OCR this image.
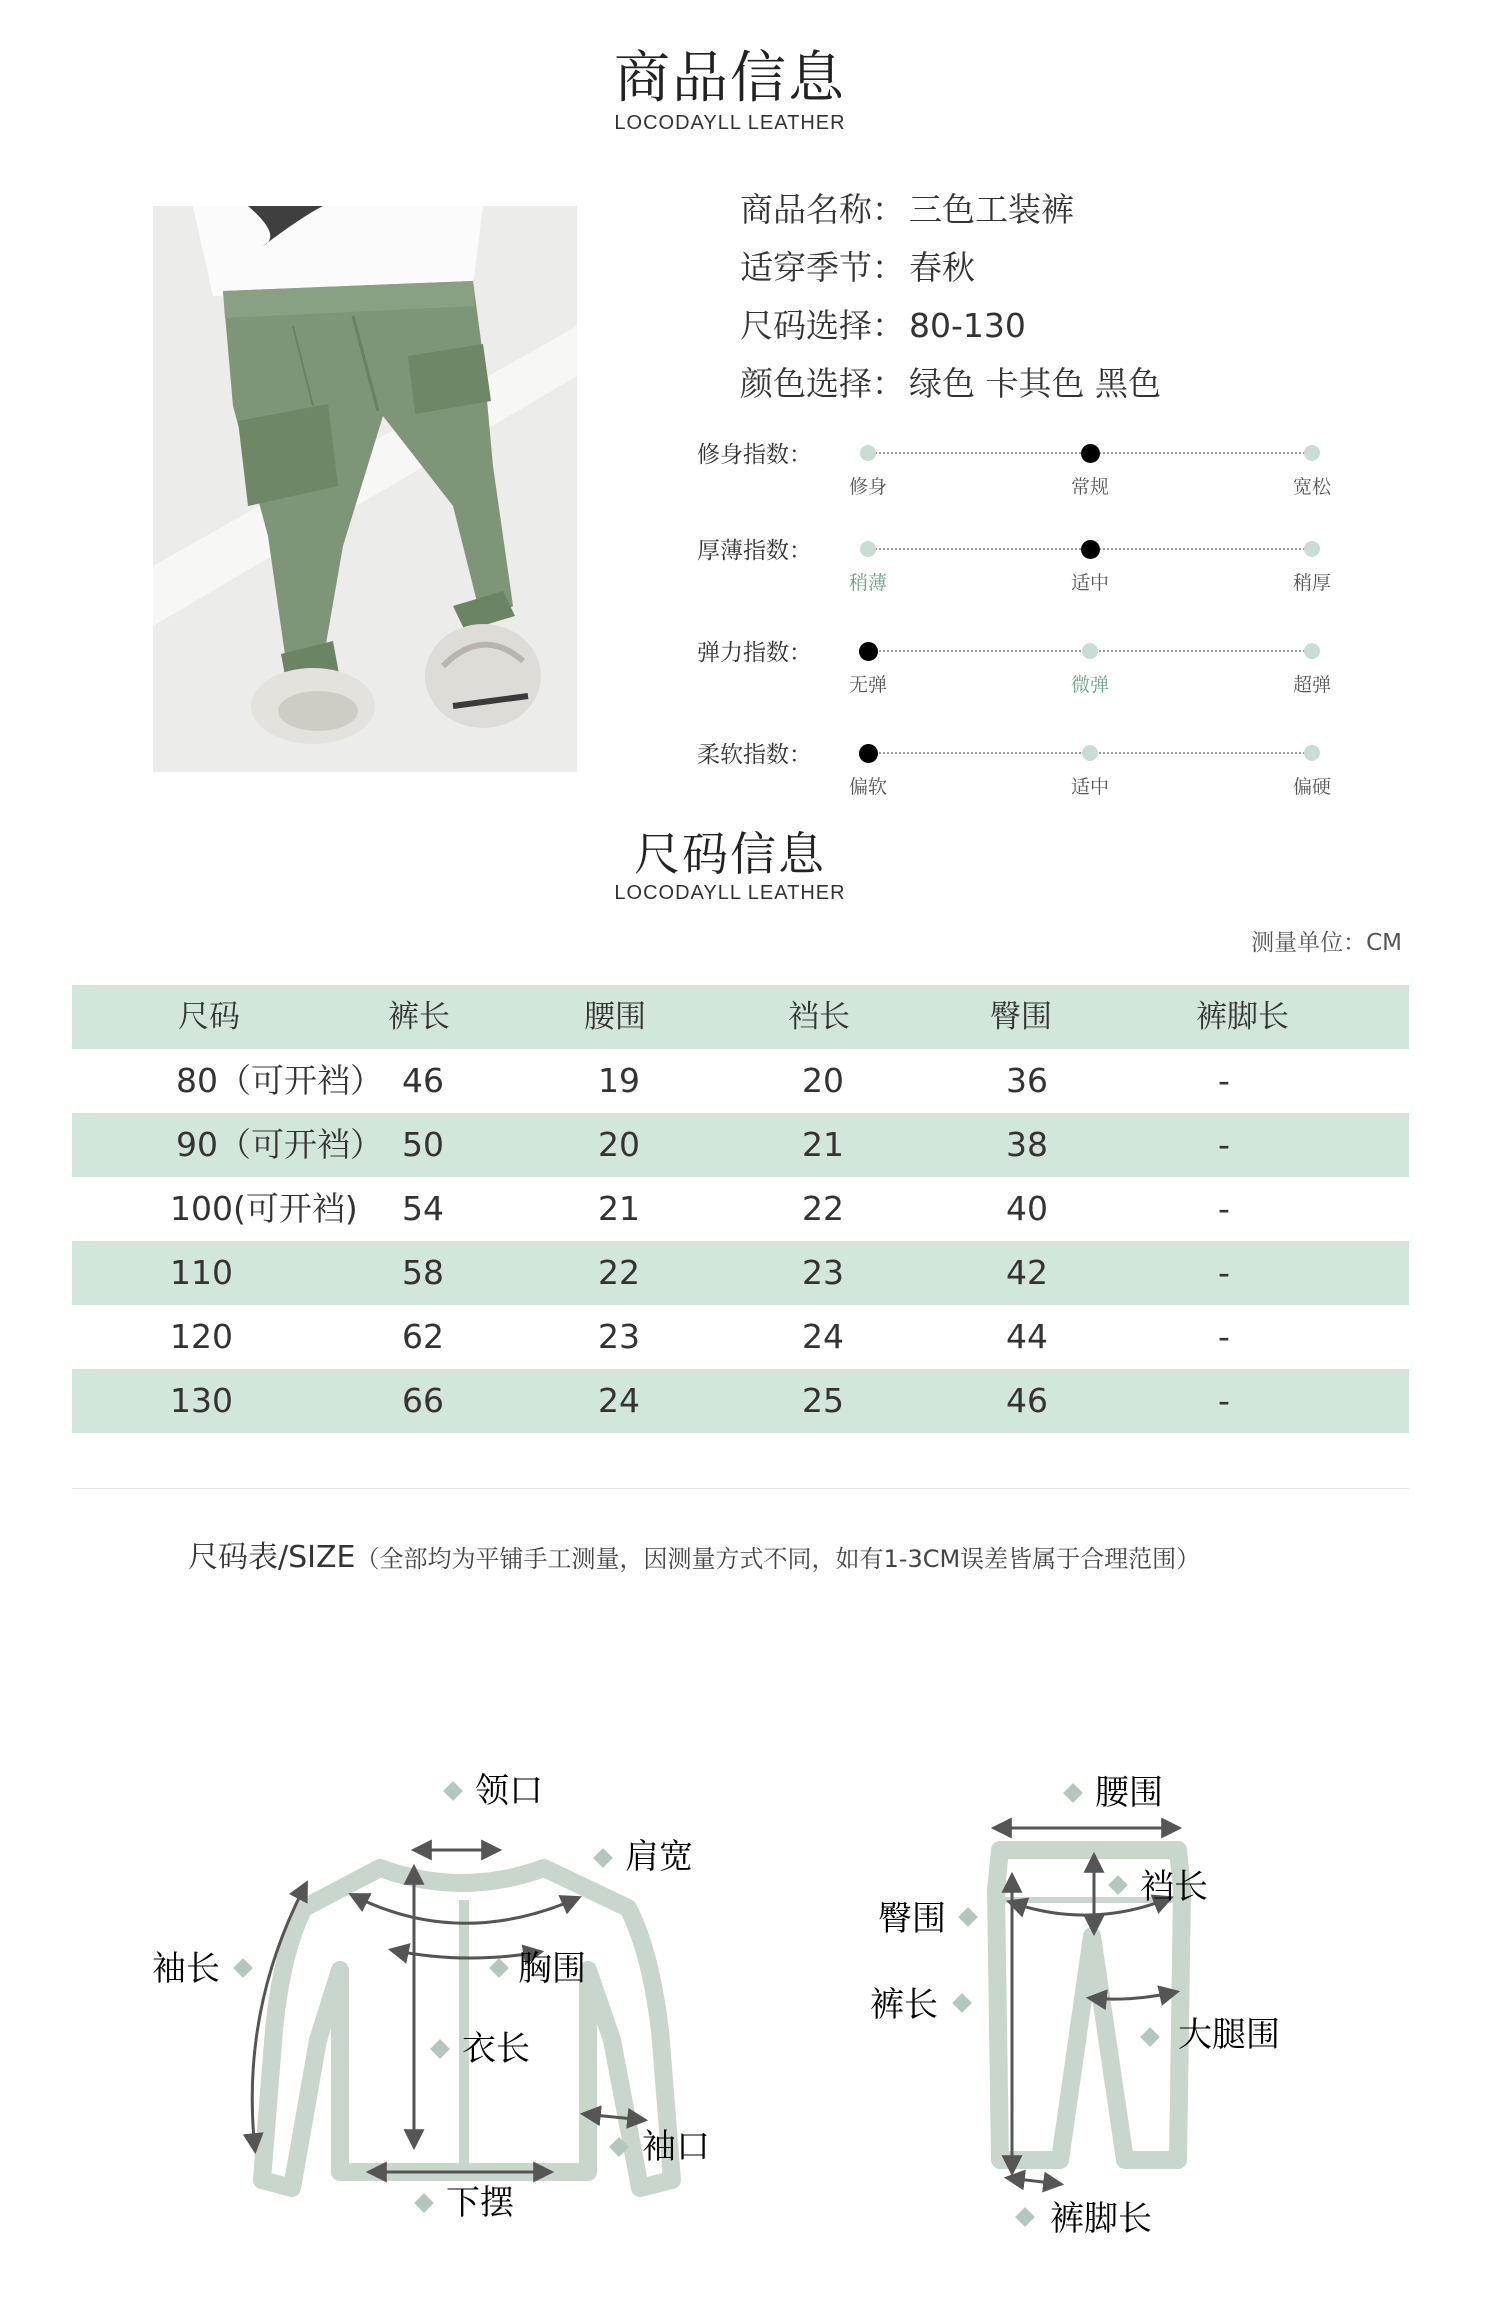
商品信息
LOCODAYLL LEATHER
商品名称： 三色工装裤
适穿季节： 春秋
尺码选择： 80-130
颜色选择： 绿色 卡其色 黑色
修身指数：
修身	常规	宽松
厚薄指数：
稍薄	适中	稍厚
弹力指数：
无弹	微弹	超弹
柔软指数：
偏软	适中	偏硬
尺码信息
LOCODAYLL LEATHER
测量单位：CM
尺码	裤长	腰围	裆长	臀围	裤脚长
80（可开裆） 46	19	20	36	-
90（可开裆） 50	20	21	38	-
100(可开裆) 54	21	22	40	-
110	58	22	23	42	-
120	62	23	24	44	-
130	66	24	25	46	-
尺码表/SIZE（全部均为平铺手工测量，因测量方式不同，如有1-3CM误差皆属于合理范围）
领口
肩宽
袖长	胸围
衣长
袖口
下摆
腰围
裆长
臀围
裤长
大腿围
裤脚长
